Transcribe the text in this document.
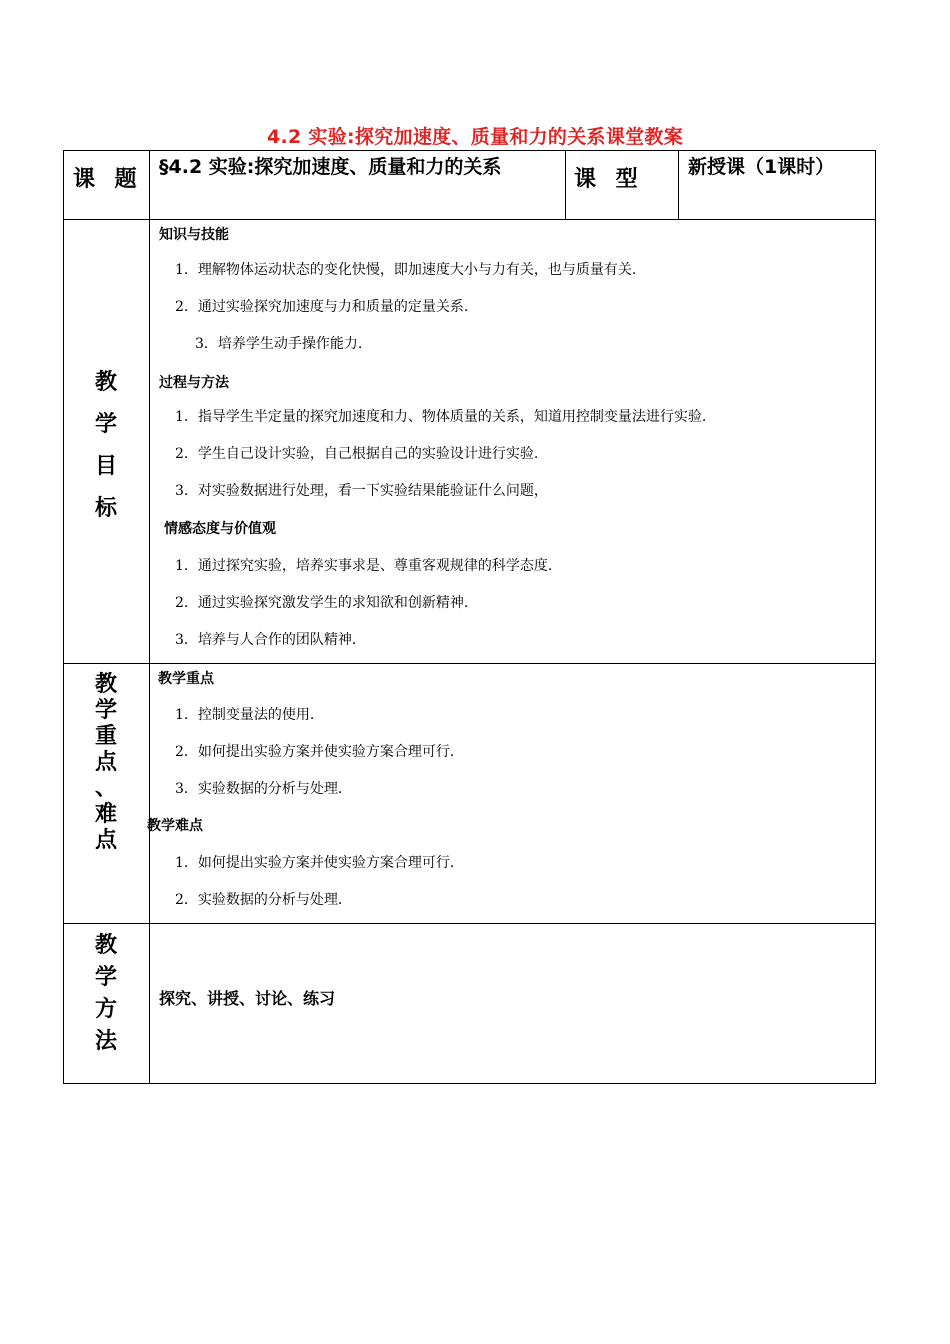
4.2 实验:探究加速度、质量和力的关系课堂教案
课 题 §4.2 实验:探究加速度、质量和力的关系	课 型 新授课（1课时）
教
学
目
标
知识与技能
1．理解物体运动状态的变化快慢，即加速度大小与力有关，也与质量有关.
2．通过实验探究加速度与力和质量的定量关系.
3．培养学生动手操作能力.
过程与方法
1．指导学生半定量的探究加速度和力、物体质量的关系，知道用控制变量法进行实验.
2．学生自己设计实验，自己根据自己的实验设计进行实验.
3．对实验数据进行处理，看一下实验结果能验证什么问题，
情感态度与价值观
1．通过探究实验，培养实事求是、尊重客观规律的科学态度.
2．通过实验探究激发学生的求知欲和创新精神.
3．培养与人合作的团队精神.
教
学
重
点
、
难
点
教学重点
1．控制变量法的使用.
2．如何提出实验方案并使实验方案合理可行.
3．实验数据的分析与处理.
教学难点
1．如何提出实验方案并使实验方案合理可行.
2．实验数据的分析与处理.
教
学
方
法
探究、讲授、讨论、练习
